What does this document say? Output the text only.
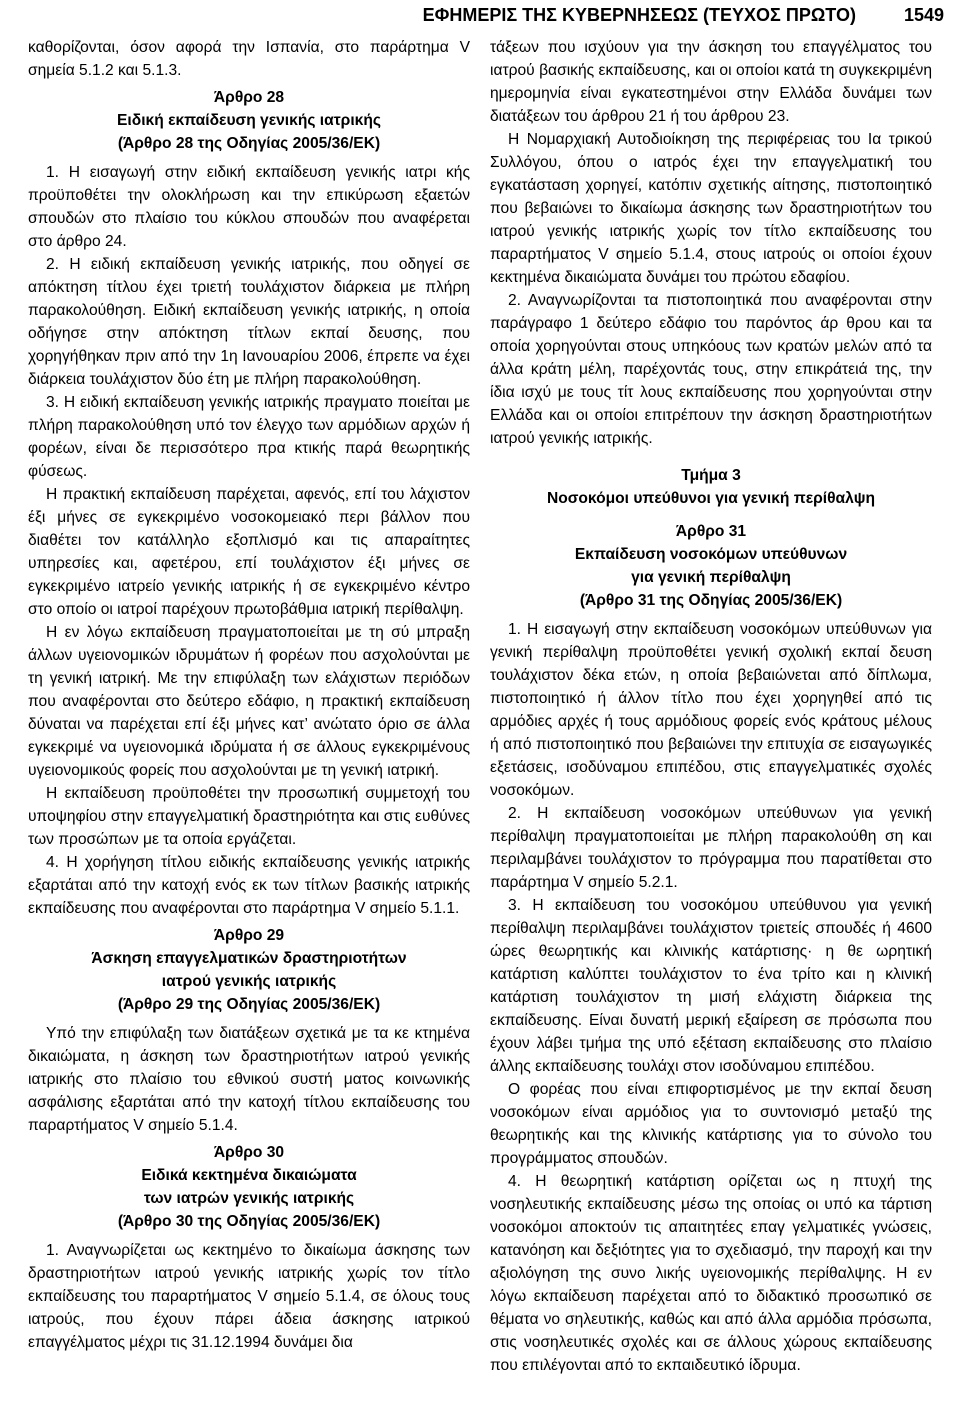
ΕΦΗΜΕΡΙΣ ΤΗΣ ΚΥΒΕΡΝΗΣΕΩΣ (ΤΕΥΧΟΣ ΠΡΩΤΟ)	1549

καθορίζονται, όσον αφορά την Ισπανία, στο παράρτημα V σημεία 5.1.2 και 5.1.3.

Άρθρο 28

Ειδική εκπαίδευση γενικής ιατρικής

(Άρθρο 28 της Οδηγίας 2005/36/ΕΚ)

1. Η εισαγωγή στην ειδική εκπαίδευση γενικής ιατρι κής προϋποθέτει την ολοκλήρωση και την επικύρωση εξαετών σπουδών στο πλαίσιο του κύκλου σπουδών που αναφέρεται στο άρθρο 24.

2. Η ειδική εκπαίδευση γενικής ιατρικής, που οδηγεί σε απόκτηση τίτλου έχει τριετή τουλάχιστον διάρκεια με πλήρη παρακολούθηση. Ειδική εκπαίδευση γενικής ιατρικής, η οποία οδήγησε στην απόκτηση τίτλων εκπαί δευσης, που χορηγήθηκαν πριν από την 1η Ιανουαρίου 2006, έπρεπε να έχει διάρκεια τουλάχιστον δύο έτη με πλήρη παρακολούθηση.

3. Η ειδική εκπαίδευση γενικής ιατρικής πραγματο ποιείται με πλήρη παρακολούθηση υπό τον έλεγχο των αρμόδιων αρχών ή φορέων, είναι δε περισσότερο πρα κτικής παρά θεωρητικής φύσεως.

Η πρακτική εκπαίδευση παρέχεται, αφενός, επί του λάχιστον έξι μήνες σε εγκεκριμένο νοσοκομειακό περι βάλλον που διαθέτει τον κατάλληλο εξοπλισμό και τις απαραίτητες υπηρεσίες και, αφετέρου, επί τουλάχιστον έξι μήνες σε εγκεκριμένο ιατρείο γενικής ιατρικής ή σε εγκεκριμένο κέντρο στο οποίο οι ιατροί παρέχουν πρωτοβάθμια ιατρική περίθαλψη.

Η εν λόγω εκπαίδευση πραγματοποιείται με τη σύ μπραξη άλλων υγειονομικών ιδρυμάτων ή φορέων που ασχολούνται με τη γενική ιατρική. Με την επιφύλαξη των ελάχιστων περιόδων που αναφέρονται στο δεύτερο εδάφιο, η πρακτική εκπαίδευση δύναται να παρέχεται επί έξι μήνες κατ’ ανώτατο όριο σε άλλα εγκεκριμέ να υγειονομικά ιδρύματα ή σε άλλους εγκεκριμένους υγειονομικούς φορείς που ασχολούνται με τη γενική ιατρική.

Η εκπαίδευση προϋποθέτει την προσωπική συμμετοχή του υποψηφίου στην επαγγελματική δραστηριότητα και στις ευθύνες των προσώπων με τα οποία εργάζεται.

4. Η χορήγηση τίτλου ειδικής εκπαίδευσης γενικής ιατρικής εξαρτάται από την κατοχή ενός εκ των τίτλων βασικής ιατρικής εκπαίδευσης που αναφέρονται στο παράρτημα V σημείο 5.1.1.

Άρθρο 29

Άσκηση επαγγελματικών δραστηριοτήτων

ιατρού γενικής ιατρικής

(Άρθρο 29 της Οδηγίας 2005/36/ΕΚ)

Υπό την επιφύλαξη των διατάξεων σχετικά με τα κε κτημένα δικαιώματα, η άσκηση των δραστηριοτήτων ιατρού γενικής ιατρικής στο πλαίσιο του εθνικού συστή ματος κοινωνικής ασφάλισης εξαρτάται από την κατοχή τίτλου εκπαίδευσης του παραρτήματος V σημείο 5.1.4.

Άρθρο 30

Ειδικά κεκτημένα δικαιώματα

των ιατρών γενικής ιατρικής

(Άρθρο 30 της Οδηγίας 2005/36/ΕΚ)

1. Αναγνωρίζεται ως κεκτημένο το δικαίωμα άσκησης των δραστηριοτήτων ιατρού γενικής ιατρικής χωρίς τον τίτλο εκπαίδευσης του παραρτήματος V σημείο 5.1.4, σε όλους τους ιατρούς, που έχουν πάρει άδεια άσκησης ιατρικού επαγγέλματος μέχρι τις 31.12.1994 δυνάμει δια

τάξεων που ισχύουν για την άσκηση του επαγγέλματος του ιατρού βασικής εκπαίδευσης, και οι οποίοι κατά τη συγκεκριμένη ημερομηνία είναι εγκατεστημένοι στην Ελλάδα δυνάμει των διατάξεων του άρθρου 21 ή του άρθρου 23.

Η Νομαρχιακή Αυτοδιοίκηση της περιφέρειας του Ια τρικού Συλλόγου, όπου ο ιατρός έχει την επαγγελματική του εγκατάσταση χορηγεί, κατόπιν σχετικής αίτησης, πιστοποιητικό που βεβαιώνει το δικαίωμα άσκησης των δραστηριοτήτων του ιατρού γενικής ιατρικής χωρίς τον τίτλο εκπαίδευσης του παραρτήματος V σημείο 5.1.4, στους ιατρούς οι οποίοι έχουν κεκτημένα δικαιώματα δυνάμει του πρώτου εδαφίου.

2. Αναγνωρίζονται τα πιστοποιητικά που αναφέρονται στην παράγραφο 1 δεύτερο εδάφιο του παρόντος άρ θρου και τα οποία χορηγούνται στους υπηκόους των κρατών μελών από τα άλλα κράτη μέλη, παρέχοντάς τους, στην επικράτειά της, την ίδια ισχύ με τους τίτ λους εκπαίδευσης που χορηγούνται στην Ελλάδα και οι οποίοι επιτρέπουν την άσκηση δραστηριοτήτων ιατρού γενικής ιατρικής.

Τμήμα 3

Νοσοκόμοι υπεύθυνοι για γενική περίθαλψη

Άρθρο 31

Εκπαίδευση νοσοκόμων υπεύθυνων

για γενική περίθαλψη

(Άρθρο 31 της Οδηγίας 2005/36/ΕΚ)

1. Η εισαγωγή στην εκπαίδευση νοσοκόμων υπεύθυνων για γενική περίθαλψη προϋποθέτει γενική σχολική εκπαί δευση τουλάχιστον δέκα ετών, η οποία βεβαιώνεται από δίπλωμα, πιστοποιητικό ή άλλον τίτλο που έχει χορηγηθεί από τις αρμόδιες αρχές ή τους αρμόδιους φορείς ενός κράτους μέλους ή από πιστοποιητικό που βεβαιώνει την επιτυχία σε εισαγωγικές εξετάσεις, ισοδύναμου επιπέδου, στις επαγγελματικές σχολές νοσοκόμων.

2. Η εκπαίδευση νοσοκόμων υπεύθυνων για γενική περίθαλψη πραγματοποιείται με πλήρη παρακολούθη ση και περιλαμβάνει τουλάχιστον το πρόγραμμα που παρατίθεται στο παράρτημα V σημείο 5.2.1.

3. Η εκπαίδευση του νοσοκόμου υπεύθυνου για γενική περίθαλψη περιλαμβάνει τουλάχιστον τριετείς σπουδές ή 4600 ώρες θεωρητικής και κλινικής κατάρτισης· η θε ωρητική κατάρτιση καλύπτει τουλάχιστον το ένα τρίτο και η κλινική κατάρτιση τουλάχιστον τη μισή ελάχιστη διάρκεια της εκπαίδευσης. Είναι δυνατή μερική εξαίρεση σε πρόσωπα που έχουν λάβει τμήμα της υπό εξέταση εκπαίδευσης στο πλαίσιο άλλης εκπαίδευσης τουλάχι στον ισοδύναμου επιπέδου.

Ο φορέας που είναι επιφορτισμένος με την εκπαί δευση νοσοκόμων είναι αρμόδιος για το συντονισμό μεταξύ της θεωρητικής και της κλινικής κατάρτισης για το σύνολο του προγράμματος σπουδών.

4. Η θεωρητική κατάρτιση ορίζεται ως η πτυχή της νοσηλευτικής εκπαίδευσης μέσω της οποίας οι υπό κα τάρτιση νοσοκόμοι αποκτούν τις απαιτητέες επαγ γελματικές γνώσεις, κατανόηση και δεξιότητες για το σχεδιασμό, την παροχή και την αξιολόγηση της συνο λικής υγειονομικής περίθαλψης. Η εν λόγω εκπαίδευση παρέχεται από το διδακτικό προσωπικό σε θέματα νο σηλευτικής, καθώς και από άλλα αρμόδια πρόσωπα, στις νοσηλευτικές σχολές και σε άλλους χώρους εκπαίδευσης που επιλέγονται από το εκπαιδευτικό ίδρυμα.
